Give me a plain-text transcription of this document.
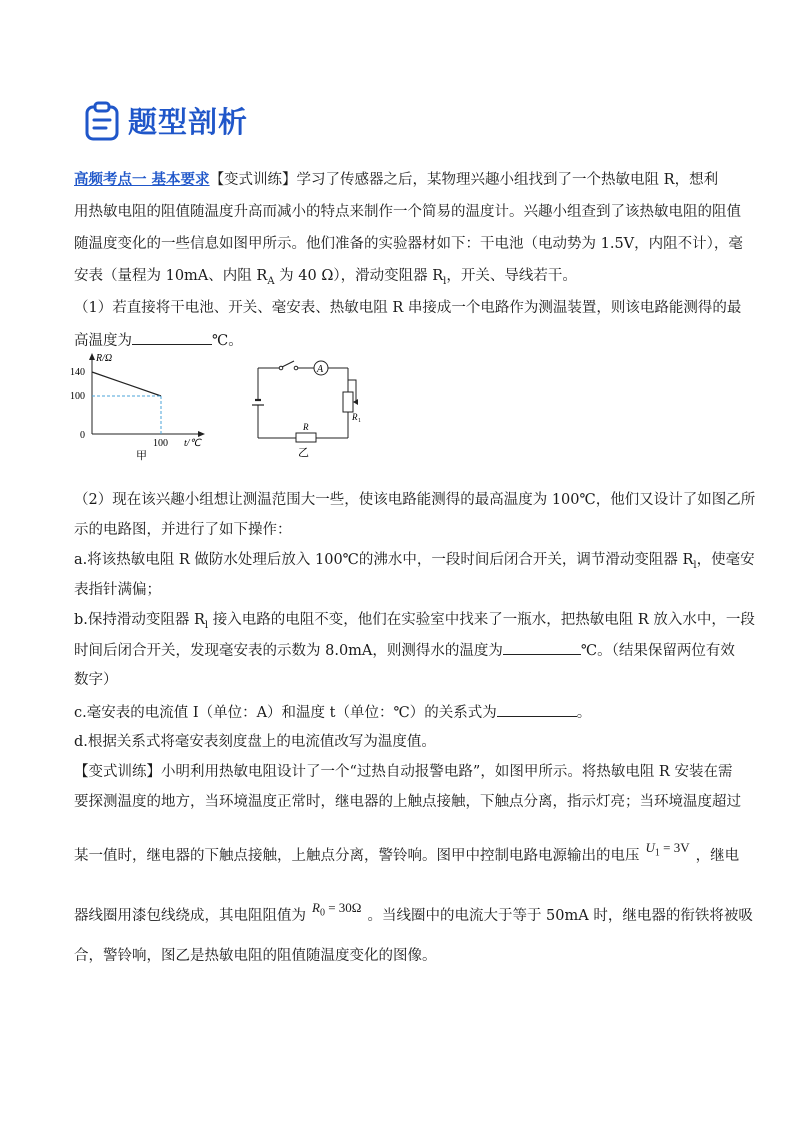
题型剖析
高频考点一 基本要求【变式训练】学习了传感器之后，某物理兴趣小组找到了一个热敏电阻 R，想利
用热敏电阻的阻值随温度升高而减小的特点来制作一个简易的温度计。兴趣小组查到了该热敏电阻的阻值
随温度变化的一些信息如图甲所示。他们准备的实验器材如下：干电池（电动势为 1.5V，内阻不计），毫
安表（量程为 10mA、内阻 $R_A$ 为 40 Ω），滑动变阻器 $R_l$，开关、导线若干。
（1）若直接将干电池、开关、毫安表、热敏电阻 R 串接成一个电路作为测温装置，则该电路能测得的最
高温度为	℃。
R/Ω
140
100
0
100 t/℃
甲
A
R 1
R
乙
（2）现在该兴趣小组想让测温范围大一些，使该电路能测得的最高温度为 100℃，他们又设计了如图乙所
示的电路图，并进行了如下操作：
a.将该热敏电阻 R 做防水处理后放入 100℃的沸水中，一段时间后闭合开关，调节滑动变阻器 $R_l$，使毫安
表指针满偏；
b.保持滑动变阻器 $R_l$ 接入电路的电阻不变，他们在实验室中找来了一瓶水，把热敏电阻 R 放入水中，一段
时间后闭合开关，发现毫安表的示数为 8.0mA，则测得水的温度为	℃。（结果保留两位有效
数字）
c.毫安表的电流值 I（单位：A）和温度 t（单位：℃）的关系式为	。
d.根据关系式将毫安表刻度盘上的电流值改写为温度值。
【变式训练】小明利用热敏电阻设计了一个“过热自动报警电路”，如图甲所示。将热敏电阻 R 安装在需
要探测温度的地方，当环境温度正常时，继电器的上触点接触，下触点分离，指示灯亮；当环境温度超过
某一值时，继电器的下触点接触，上触点分离，警铃响。图甲中控制电路电源输出的电压$U_1 = 3V$，继电
器线圈用漆包线绕成，其电阻阻值为$R_0 = 30\Omega$。当线圈中的电流大于等于 50mA 时，继电器的衔铁将被吸
合，警铃响，图乙是热敏电阻的阻值随温度变化的图像。
